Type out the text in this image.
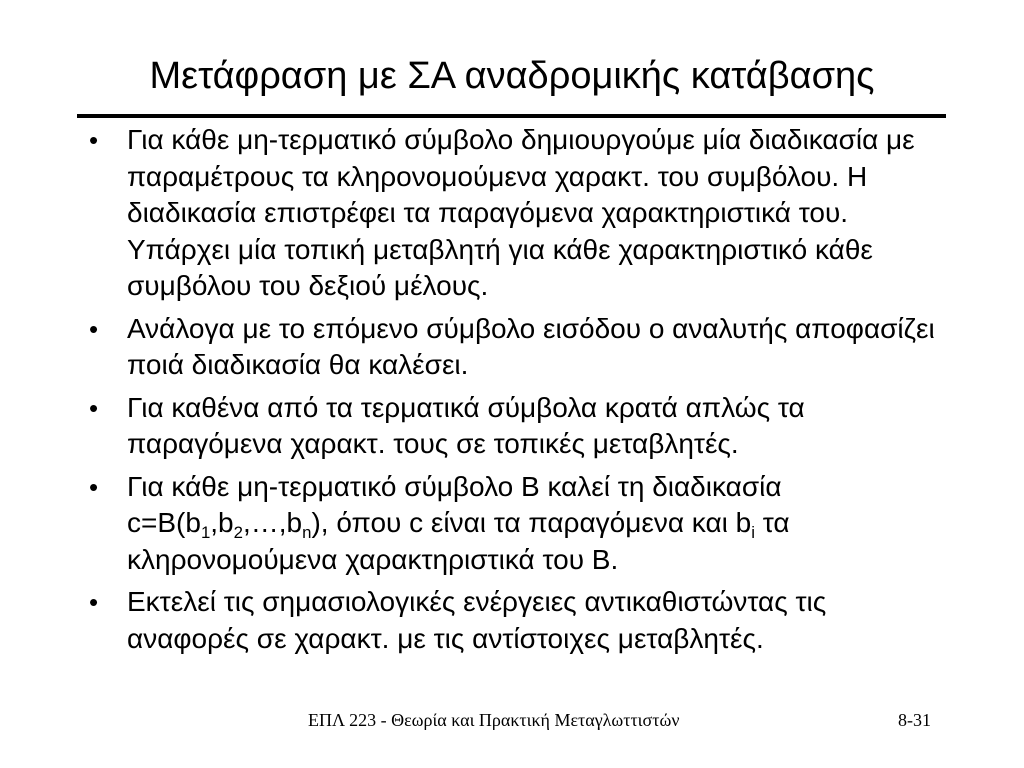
Μετάφραση με ΣΑ αναδρομικής κατάβασης
• Για κάθε μη-τερματικό σύμβολο δημιουργούμε μία διαδικασία με παραμέτρους τα κληρονομούμενα χαρακτ. του συμβόλου. Η διαδικασία επιστρέφει τα παραγόμενα χαρακτηριστικά του. Υπάρχει μία τοπική μεταβλητή για κάθε χαρακτηριστικό κάθε συμβόλου του δεξιού μέλους.
• Ανάλογα με το επόμενο σύμβολο εισόδου ο αναλυτής αποφασίζει ποιά διαδικασία θα καλέσει.
• Για καθένα από τα τερματικά σύμβολα κρατά απλώς τα παραγόμενα χαρακτ. τους σε τοπικές μεταβλητές.
• Για κάθε μη-τερματικό σύμβολο B καλεί τη διαδικασία $c=B(b_1,b_2,\dots,b_n)$, όπου c είναι τα παραγόμενα και $b_i$ τα κληρονομούμενα χαρακτηριστικά του B.
• Εκτελεί τις σημασιολογικές ενέργειες αντικαθιστώντας τις αναφορές σε χαρακτ. με τις αντίστοιχες μεταβλητές.
ΕΠΛ 223 - Θεωρία και Πρακτική Μεταγλωττιστών	8-31
